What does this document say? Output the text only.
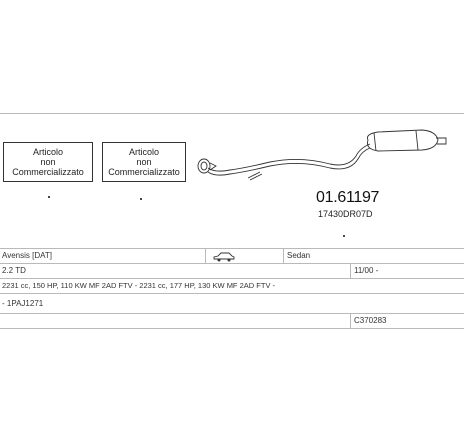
Articolo
non
Commercializzato
Articolo
non
Commercializzato
01.61197
17430DR07D
Avensis [DAT]	Sedan
2.2 TD	11/00 -
2231 cc, 150 HP, 110 KW MF 2AD FTV - 2231 cc, 177 HP, 130 KW MF 2AD FTV -
- 1PAJ1271
C370283
